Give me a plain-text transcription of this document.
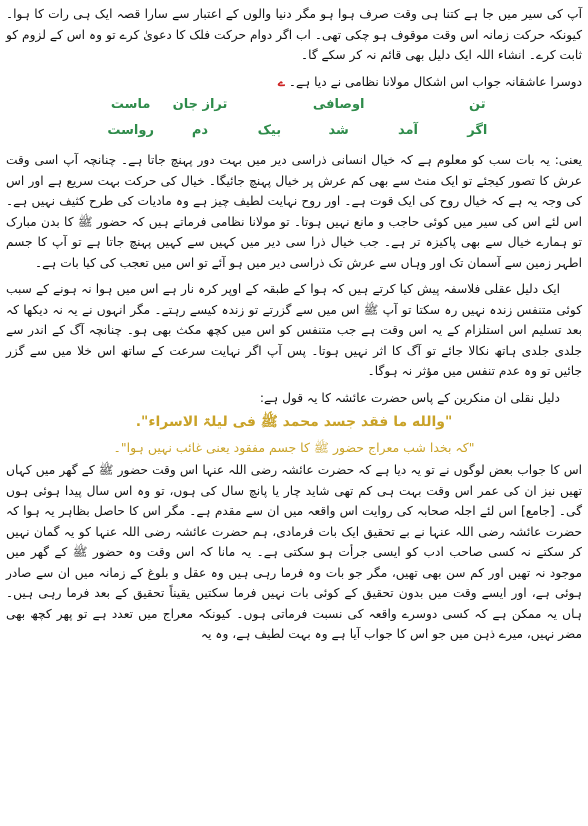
آپ کی سیر میں جا ہے کتنا ہی وقت صرف ہوا ہو مگر دنیا والوں کے اعتبار سے سارا قصہ ایک ہی رات کا ہوا۔ کیونکہ حرکت زمانہ اس وقت موقوف ہو چکی تھی۔ اب اگر دوام حرکت فلک کا دعویٰ کرے تو وہ اس کے لزوم کو ثابت کرے۔ انشاء اللہ ایک دلیل بھی قائم نہ کر سکے گا۔

دوسرا عاشقانہ جواب اس اشکال مولانا نظامی نے دیا ہے۔ ے

تن
اوصافی
تراز جان
ماست
اگر
آمد
شد
بیک
دم
رواست

یعنی: یہ بات سب کو معلوم ہے کہ خیال انسانی ذراسی دیر میں بہت دور پہنچ جاتا ہے۔ چنانچہ آپ اسی وقت عرش کا تصور کیجئے تو ایک منٹ سے بھی کم عرش پر خیال پہنچ جائیگا۔ خیال کی حرکت بہت سریع ہے اور اس کی وجہ یہ ہے کہ خیال روح کی ایک قوت ہے۔ اور روح نہایت لطیف چیز ہے وہ مادیات کی طرح کثیف نہیں ہے۔ اس لئے اس کی سیر میں کوئی حاجب و مانع نہیں ہوتا۔ تو مولانا نظامی فرماتے ہیں کہ حضور ﷺ کا بدن مبارک تو ہمارے خیال سے بھی پاکیزہ تر ہے۔ جب خیال ذرا سی دیر میں کہیں سے کہیں پہنچ جاتا ہے تو آپ کا جسم اطہر زمین سے آسمان تک اور وہاں سے عرش تک ذراسی دیر میں ہو آئے تو اس میں تعجب کی کیا بات ہے۔

ایک دلیل عقلی فلاسفہ پیش کیا کرتے ہیں کہ ہوا کے طبقہ کے اوپر کرہ نار ہے اس میں ہوا نہ ہونے کے سبب کوئی متنفس زندہ نہیں رہ سکتا تو آپ ﷺ اس میں سے گزرتے تو زندہ کیسے رہتے۔ مگر انہوں نے یہ نہ دیکھا کہ بعد تسلیم اس استلزام کے یہ اس وقت ہے جب متنفس کو اس میں کچھ مکث بھی ہو۔ چنانچہ آگ کے اندر سے جلدی جلدی ہاتھ نکالا جائے تو آگ کا اثر نہیں ہوتا۔ پس آپ اگر نہایت سرعت کے ساتھ اس خلا میں سے گزر جائیں تو وہ عدم تنفس میں مؤثر نہ ہوگا۔

دلیل نقلی ان منکرین کے پاس حضرت عائشہ کا یہ قول ہے:

"والله ما فقد جسد محمد ﷺ فی لیلۃ الاسراء".

"کہ بخدا شب معراج حضور ﷺ کا جسم مفقود یعنی غائب نہیں ہوا"۔

اس کا جواب بعض لوگوں نے تو یہ دیا ہے کہ حضرت عائشہ رضی اللہ عنہا اس وقت حضور ﷺ کے گھر میں کہاں تھیں نیز ان کی عمر اس وقت بہت ہی کم تھی شاید چار یا پانچ سال کی ہوں، تو وہ اس سال پیدا ہوئی ہوں گی۔ [جامع] اس لئے اجلہ صحابہ کی روایت اس واقعہ میں ان سے مقدم ہے۔ مگر اس کا حاصل بظاہر یہ ہوا کہ حضرت عائشہ رضی اللہ عنہا نے بے تحقیق ایک بات فرمادی، ہم حضرت عائشہ رضی اللہ عنہا کو یہ گمان نہیں کر سکتے نہ کسی صاحب ادب کو ایسی جرأت ہو سکتی ہے۔ یہ مانا کہ اس وقت وہ حضور ﷺ کے گھر میں موجود نہ تھیں اور کم سن بھی تھیں، مگر جو بات وہ فرما رہی ہیں وہ عقل و بلوغ کے زمانہ میں ان سے صادر ہوئی ہے، اور ایسے وقت میں بدون تحقیق کے کوئی بات نہیں فرما سکتیں یقیناً تحقیق کے بعد فرما رہی ہیں۔ ہاں یہ ممکن ہے کہ کسی دوسرے واقعہ کی نسبت فرماتی ہوں۔ کیونکہ معراج میں تعدد ہے تو پھر کچھ بھی مضر نہیں، میرے ذہن میں جو اس کا جواب آیا ہے وہ بہت لطیف ہے، وہ یہ
